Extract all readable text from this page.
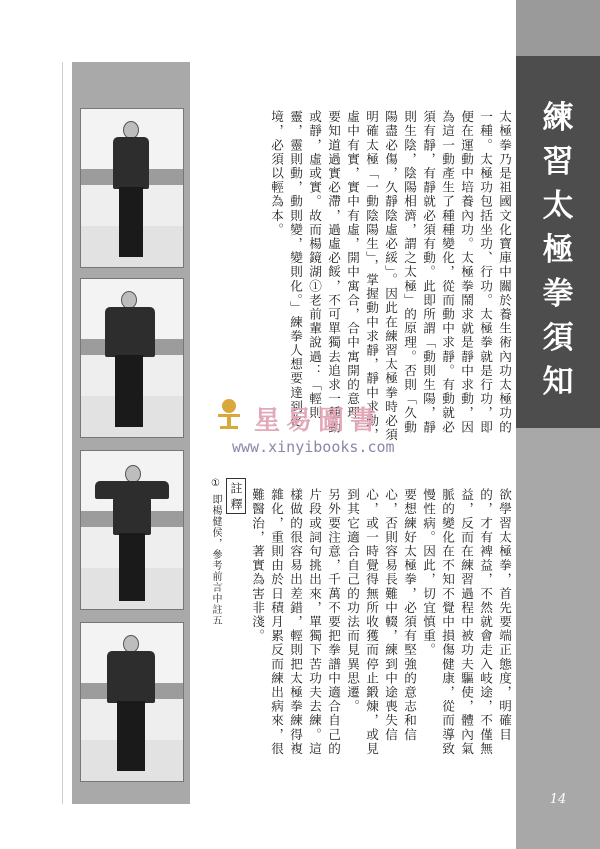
練
習
太
極
拳
須
知
14

太極拳乃是祖國文化寶庫中關於養生術內功太極功的一種。太極功包括坐功、行功。太極拳就是行功，即便在運動中培養內功。太極拳鬧求就是靜中求動，因為這一動產生了種種變化，從而動中求靜。有動就必須有靜，有靜就必須有動。此即所謂「動則生陽，靜則生陰，陰陽相濟，謂之太極」的原理。否則「久動陽盡必傷，久靜陰虛必綏」。因此在練習太極拳時必須明確太極「一動陰陽生」，掌握動中求靜，靜中求動，虛中有實，實中有虛，開中寓合，合中寓開的意理。要知道過實必滯，過虛必餒，不可單獨去追求一種動或靜，虛或實。故而楊鏡湖①老前輩說過：「輕則靈，靈則動，動則變，變則化。」練拳人想要達到化境，必須以輕為本。

欲學習太極拳，首先要端正態度，明確目的，才有裨益，不然就會走入岐途，不僅無益，反而在練習過程中被功夫驅使，體內氣脈的變化在不知不覺中損傷健康，從而導致慢性病。因此，切宜慎重。
要想練好太極拳，必須有堅強的意志和信心，否則容易長難中輟，練到中途喪失信心，或一時覺得無所收獲而停止鍛煉，或見到其它適合自己的功法而見異思遷。
另外要注意，千萬不要把拳譜中適合自己的片段或詞句挑出來，單獨下苦功夫去練。這樣做的很容易出差錯，輕則把太極拳練得複雜化，重則由於日積月累反而練出病來，很難醫治，著實為害非淺。

註 釋
① 即楊健侯，參考前言中註五
星易圖書
www.xinyibooks.com
